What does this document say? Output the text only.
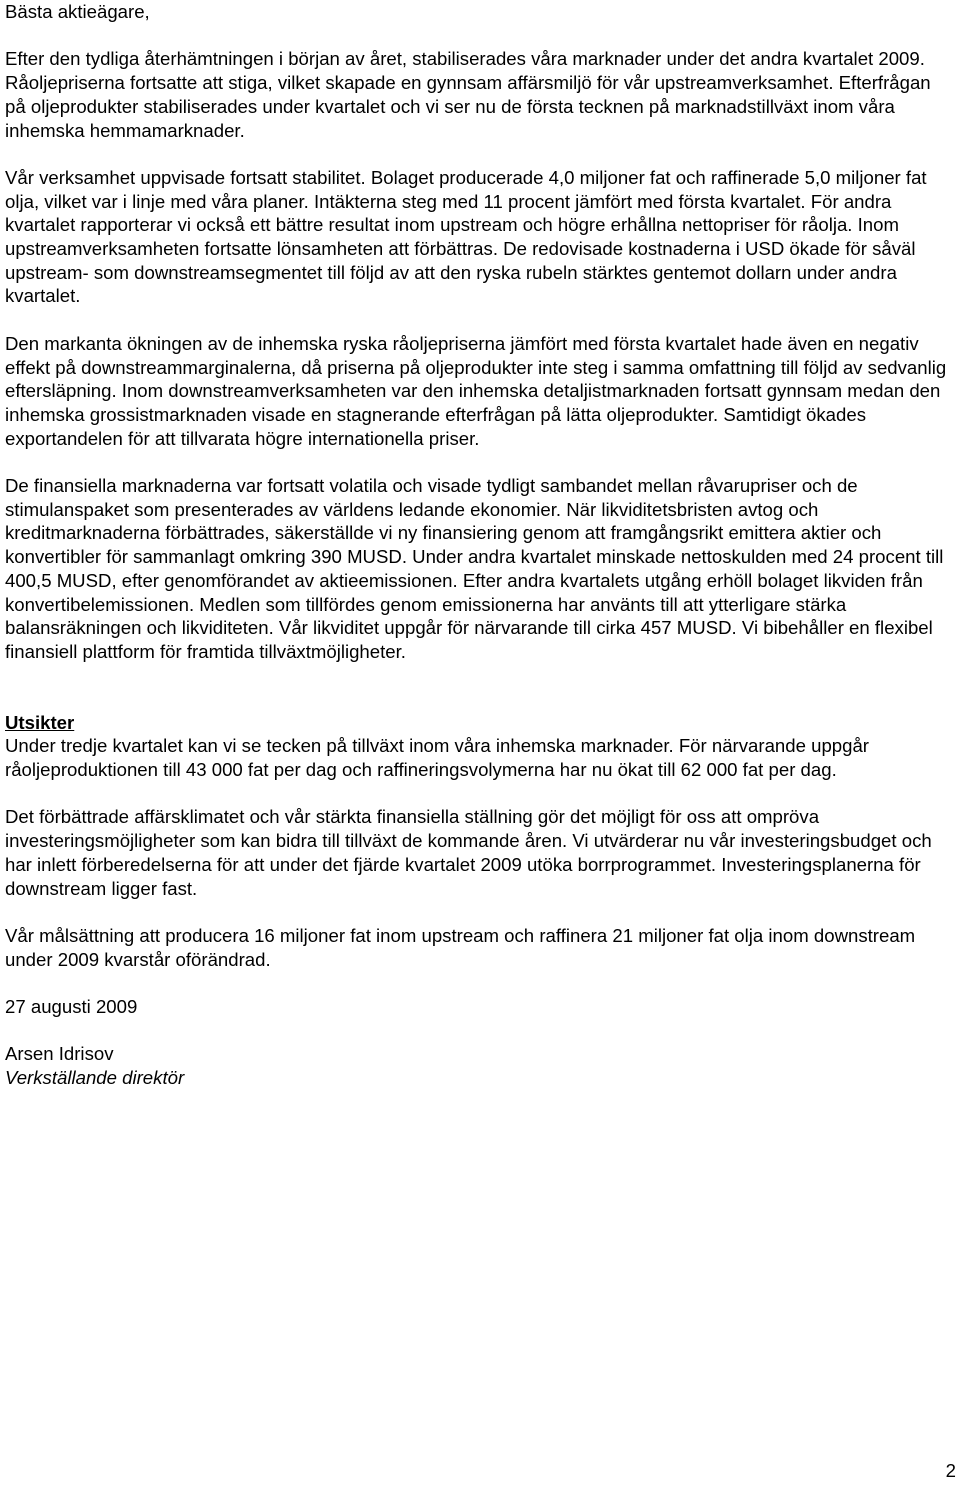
Bästa aktieägare,

Efter den tydliga återhämtningen i början av året, stabiliserades våra marknader under det andra kvartalet 2009. Råoljepriserna fortsatte att stiga, vilket skapade en gynnsam affärsmiljö för vår upstreamverksamhet. Efterfrågan på oljeprodukter stabiliserades under kvartalet och vi ser nu de första tecknen på marknadstillväxt inom våra inhemska hemmamarknader.

Vår verksamhet uppvisade fortsatt stabilitet. Bolaget producerade 4,0 miljoner fat och raffinerade 5,0 miljoner fat olja, vilket var i linje med våra planer. Intäkterna steg med 11 procent jämfört med första kvartalet. För andra kvartalet rapporterar vi också ett bättre resultat inom upstream och högre erhållna nettopriser för råolja. Inom upstreamverksamheten fortsatte lönsamheten att förbättras. De redovisade kostnaderna i USD ökade för såväl upstream- som downstreamsegmentet till följd av att den ryska rubeln stärktes gentemot dollarn under andra kvartalet.

Den markanta ökningen av de inhemska ryska råoljepriserna jämfört med första kvartalet hade även en negativ effekt på downstreammarginalerna, då priserna på oljeprodukter inte steg i samma omfattning till följd av sedvanlig eftersläpning. Inom downstreamverksamheten var den inhemska detaljistmarknaden fortsatt gynnsam medan den inhemska grossistmarknaden visade en stagnerande efterfrågan på lätta oljeprodukter. Samtidigt ökades exportandelen för att tillvarata högre internationella priser.

De finansiella marknaderna var fortsatt volatila och visade tydligt sambandet mellan råvarupriser och de stimulanspaket som presenterades av världens ledande ekonomier. När likviditetsbristen avtog och kreditmarknaderna förbättrades, säkerställde vi ny finansiering genom att framgångsrikt emittera aktier och konvertibler för sammanlagt omkring 390 MUSD. Under andra kvartalet minskade nettoskulden med 24 procent till 400,5 MUSD, efter genomförandet av aktieemissionen. Efter andra kvartalets utgång erhöll bolaget likviden från konvertibelemissionen. Medlen som tillfördes genom emissionerna har använts till att ytterligare stärka balansräkningen och likviditeten. Vår likviditet uppgår för närvarande till cirka 457 MUSD. Vi bibehåller en flexibel finansiell plattform för framtida tillväxtmöjligheter.

Utsikter

Under tredje kvartalet kan vi se tecken på tillväxt inom våra inhemska marknader. För närvarande uppgår råoljeproduktionen till 43 000 fat per dag och raffineringsvolymerna har nu ökat till 62 000 fat per dag.

Det förbättrade affärsklimatet och vår stärkta finansiella ställning gör det möjligt för oss att ompröva investeringsmöjligheter som kan bidra till tillväxt de kommande åren. Vi utvärderar nu vår investeringsbudget och har inlett förberedelserna för att under det fjärde kvartalet 2009 utöka borrprogrammet. Investeringsplanerna för downstream ligger fast.

Vår målsättning att producera 16 miljoner fat inom upstream och raffinera 21 miljoner fat olja inom downstream under 2009 kvarstår oförändrad.

27 augusti 2009

Arsen Idrisov

Verkställande direktör

2
